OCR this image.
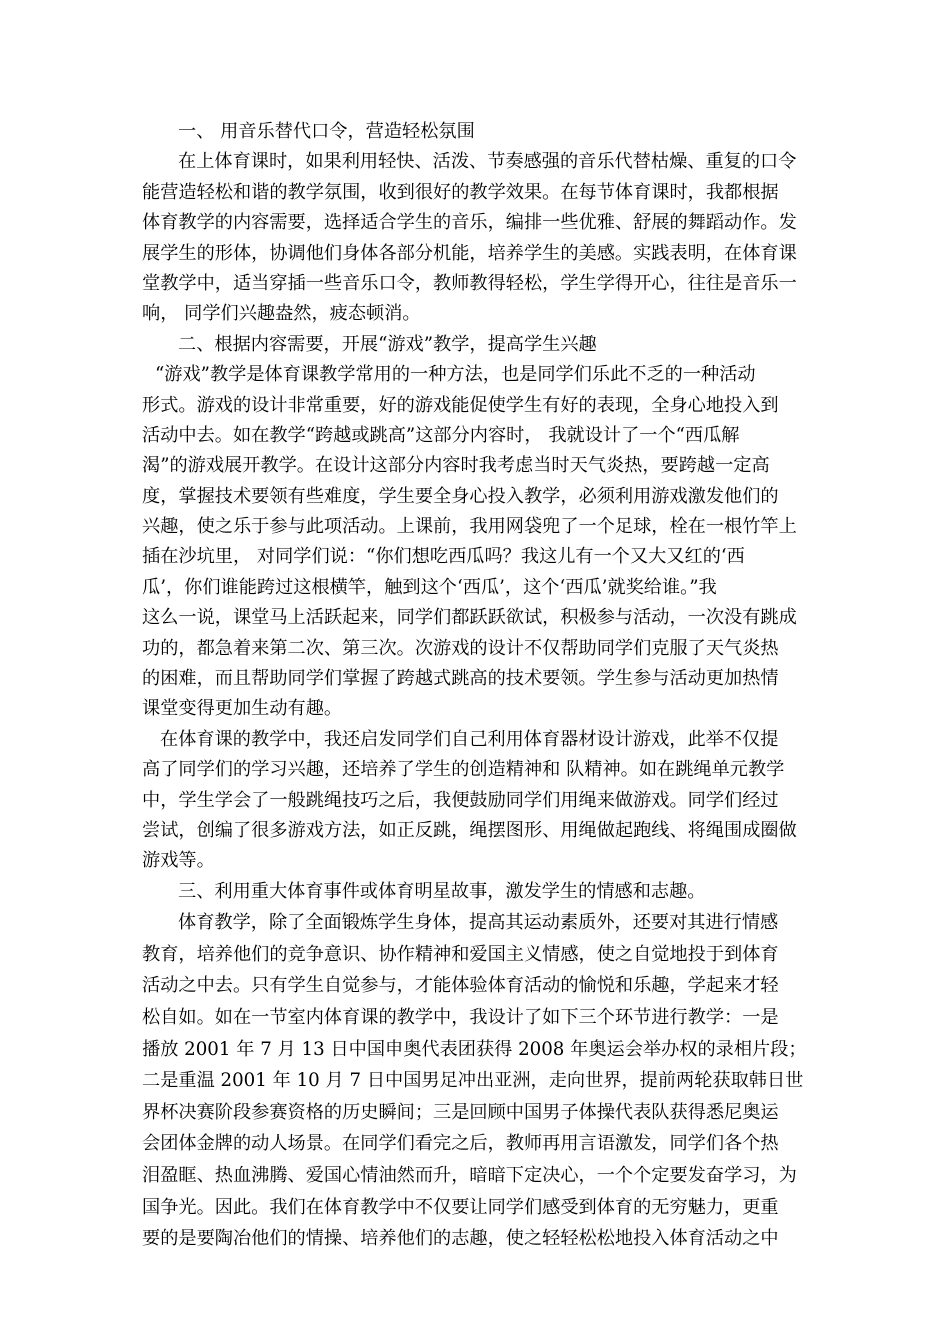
一、 用音乐替代口令，营造轻松氛围

在上体育课时，如果利用轻快、活泼、节奏感强的音乐代替枯燥、重复的口令
能营造轻松和谐的教学氛围，收到很好的教学效果。在每节体育课时，我都根据
体育教学的内容需要，选择适合学生的音乐，编排一些优雅、舒展的舞蹈动作。发
展学生的形体，协调他们身体各部分机能，培养学生的美感。实践表明，在体育课
堂教学中，适当穿插一些音乐口令，教师教得轻松，学生学得开心，往往是音乐一
响， 同学们兴趣盎然，疲态顿消。

二、根据内容需要，开展“游戏”教学，提高学生兴趣

“游戏”教学是体育课教学常用的一种方法，也是同学们乐此不乏的一种活动
形式。游戏的设计非常重要，好的游戏能促使学生有好的表现，全身心地投入到
活动中去。如在教学“跨越或跳高”这部分内容时， 我就设计了一个“西瓜解
渴”的游戏展开教学。在设计这部分内容时我考虑当时天气炎热，要跨越一定高
度，掌握技术要领有些难度，学生要全身心投入教学，必须利用游戏激发他们的
兴趣，使之乐于参与此项活动。上课前，我用网袋兜了一个足球，栓在一根竹竿上
插在沙坑里， 对同学们说：“你们想吃西瓜吗？我这儿有一个又大又红的‘西
瓜’，你们谁能跨过这根横竿，触到这个‘西瓜’，这个‘西瓜’就奖给谁。”我
这么一说，课堂马上活跃起来，同学们都跃跃欲试，积极参与活动，一次没有跳成
功的，都急着来第二次、第三次。次游戏的设计不仅帮助同学们克服了天气炎热
的困难，而且帮助同学们掌握了跨越式跳高的技术要领。学生参与活动更加热情
课堂变得更加生动有趣。

在体育课的教学中，我还启发同学们自己利用体育器材设计游戏，此举不仅提
高了同学们的学习兴趣，还培养了学生的创造精神和 队精神。如在跳绳单元教学
中，学生学会了一般跳绳技巧之后，我便鼓励同学们用绳来做游戏。同学们经过
尝试，创编了很多游戏方法，如正反跳，绳摆图形、用绳做起跑线、将绳围成圈做
游戏等。

三、利用重大体育事件或体育明星故事，激发学生的情感和志趣。

体育教学，除了全面锻炼学生身体，提高其运动素质外，还要对其进行情感
教育，培养他们的竞争意识、协作精神和爱国主义情感，使之自觉地投于到体育
活动之中去。只有学生自觉参与，才能体验体育活动的愉悦和乐趣，学起来才轻
松自如。如在一节室内体育课的教学中，我设计了如下三个环节进行教学：一是
播放 2001 年 7 月 13 日中国申奥代表团获得 2008 年奥运会举办权的录相片段；
二是重温 2001 年 10 月 7 日中国男足冲出亚洲，走向世界，提前两轮获取韩日世
界杯决赛阶段参赛资格的历史瞬间；三是回顾中国男子体操代表队获得悉尼奥运
会团体金牌的动人场景。在同学们看完之后，教师再用言语激发，同学们各个热
泪盈眶、热血沸腾、爱国心情油然而升，暗暗下定决心，一个个定要发奋学习，为
国争光。因此。我们在体育教学中不仅要让同学们感受到体育的无穷魅力，更重
要的是要陶冶他们的情操、培养他们的志趣，使之轻轻松松地投入体育活动之中
